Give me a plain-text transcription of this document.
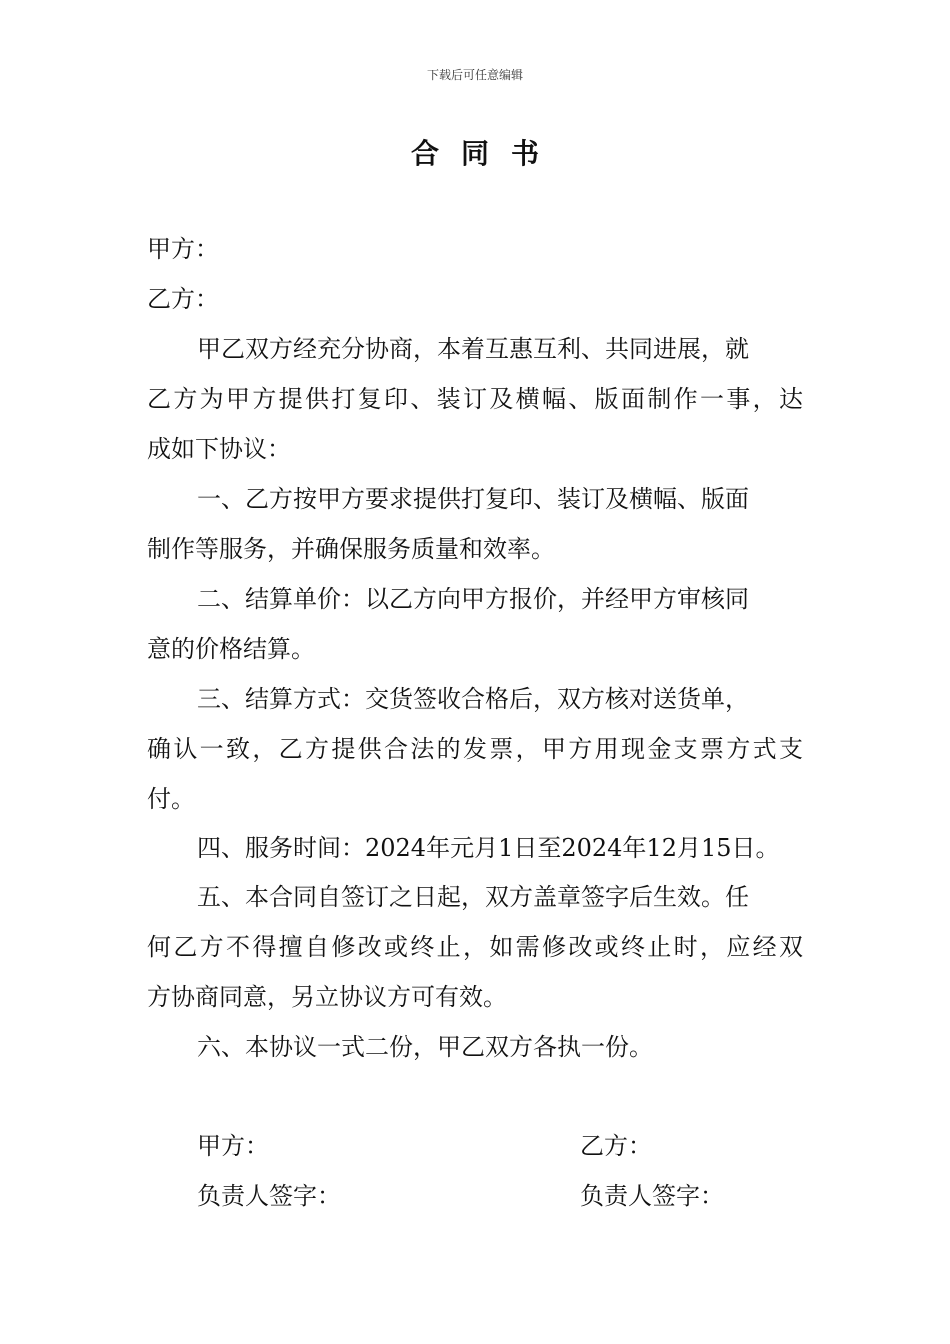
下载后可任意编辑
合同书
甲方：
乙方：
甲乙双方经充分协商，本着互惠互利、共同进展，就
乙方为甲方提供打复印、装订及横幅、版面制作一事，达
成如下协议：
一、乙方按甲方要求提供打复印、装订及横幅、版面
制作等服务，并确保服务质量和效率。
二、结算单价：以乙方向甲方报价，并经甲方审核同
意的价格结算。
三、结算方式：交货签收合格后，双方核对送货单，
确认一致，乙方提供合法的发票，甲方用现金支票方式支
付。
四、服务时间：2024年元月1日至2024年12月15日。
五、本合同自签订之日起，双方盖章签字后生效。任
何乙方不得擅自修改或终止，如需修改或终止时，应经双
方协商同意，另立协议方可有效。
六、本协议一式二份，甲乙双方各执一份。
甲方：	乙方：
负责人签字：	负责人签字：
